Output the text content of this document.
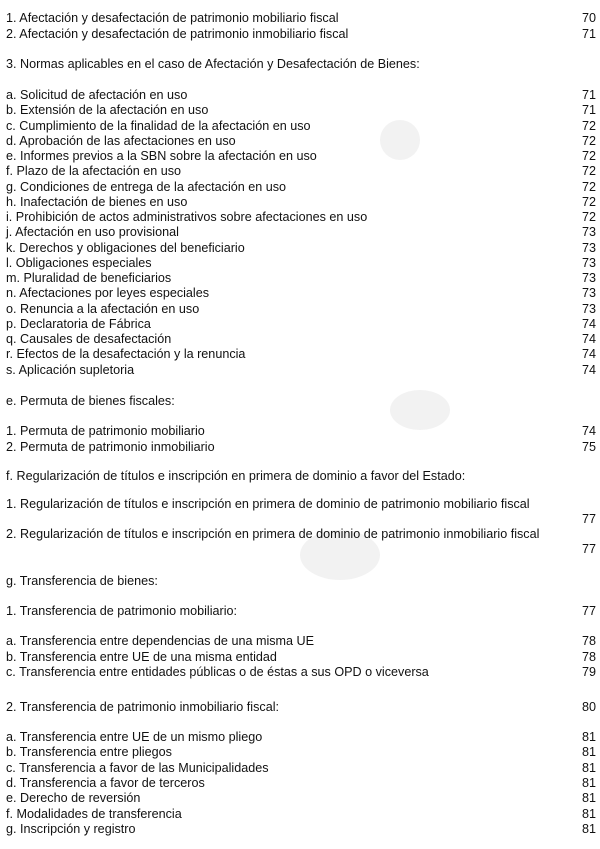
1. Afectación y desafectación de patrimonio mobiliario fiscal	70
2. Afectación y desafectación de patrimonio inmobiliario fiscal	71
3. Normas aplicables en el caso de Afectación y Desafectación de Bienes:
a. Solicitud de afectación en uso	71
b. Extensión de la afectación en uso	71
c. Cumplimiento de la finalidad de la afectación en uso	72
d. Aprobación de las afectaciones en uso	72
e. Informes previos a la SBN sobre la afectación en uso	72
f. Plazo de la afectación en uso	72
g. Condiciones de entrega de la afectación en uso	72
h. Inafectación de bienes en uso	72
i. Prohibición de actos administrativos sobre afectaciones en uso	72
j. Afectación en uso provisional	73
k. Derechos y obligaciones del beneficiario	73
l. Obligaciones especiales	73
m. Pluralidad de beneficiarios	73
n. Afectaciones por leyes especiales	73
o. Renuncia a la afectación en uso	73
p. Declaratoria de Fábrica	74
q. Causales de desafectación	74
r. Efectos de la desafectación y la renuncia	74
s. Aplicación supletoria	74
e. Permuta de bienes fiscales:
1. Permuta de patrimonio mobiliario	74
2. Permuta de patrimonio inmobiliario	75
f. Regularización de títulos e inscripción en primera de dominio a favor del Estado:
1. Regularización de títulos e inscripción en primera de dominio de patrimonio mobiliario fiscal
77
2. Regularización de títulos e inscripción en primera de dominio de patrimonio inmobiliario fiscal
77
g. Transferencia de bienes:
1. Transferencia de patrimonio mobiliario:	77
a. Transferencia entre dependencias de una misma UE	78
b. Transferencia entre UE de una misma entidad	78
c. Transferencia entre entidades públicas o de éstas a sus OPD o viceversa	79
2. Transferencia de patrimonio inmobiliario fiscal:	80
a. Transferencia entre UE de un mismo pliego	81
b. Transferencia entre pliegos	81
c. Transferencia a favor de las Municipalidades	81
d. Transferencia a favor de terceros	81
e. Derecho de reversión	81
f. Modalidades de transferencia	81
g. Inscripción y registro	81
